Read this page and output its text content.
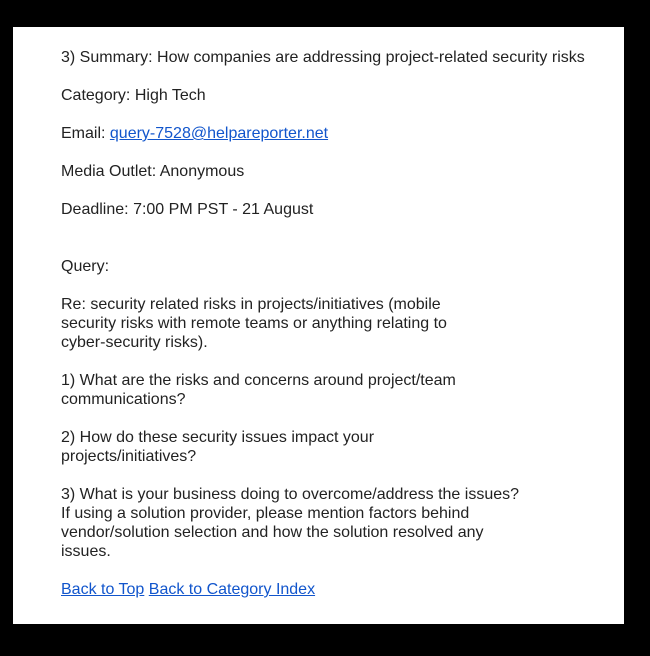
3) Summary: How companies are addressing project-related security risks

Category: High Tech

Email: query-7528@helpareporter.net

Media Outlet: Anonymous

Deadline: 7:00 PM PST - 21 August

Query:

Re: security related risks in projects/initiatives (mobile
security risks with remote teams or anything relating to
cyber-security risks).
1) What are the risks and concerns around project/team
communications?
2) How do these security issues impact your
projects/initiatives?
3) What is your business doing to overcome/address the issues?
If using a solution provider, please mention factors behind
vendor/solution selection and how the solution resolved any
issues.

Back to Top Back to Category Index
